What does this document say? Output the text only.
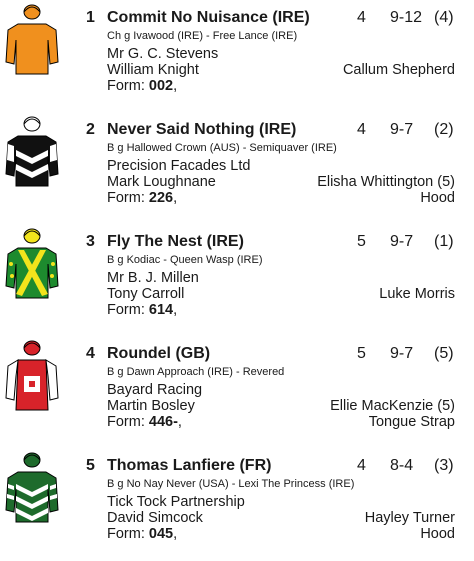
1 Commit No Nuisance (IRE)	4 9-12 (4)
Ch g Ivawood (IRE) - Free Lance (IRE)
Mr G. C. Stevens
William Knight	Callum Shepherd
Form: 002,
2 Never Said Nothing (IRE)	4 9-7 (2)
B g Hallowed Crown (AUS) - Semiquaver (IRE)
Precision Facades Ltd
Mark Loughnane	Elisha Whittington (5)
Form: 226,	Hood
3 Fly The Nest (IRE)	5 9-7 (1)
B g Kodiac - Queen Wasp (IRE)
Mr B. J. Millen
Tony Carroll	Luke Morris
Form: 614,
4 Roundel (GB)	5 9-7 (5)
B g Dawn Approach (IRE) - Revered
Bayard Racing
Martin Bosley	Ellie MacKenzie (5)
Form: 446-,	Tongue Strap
5 Thomas Lanfiere (FR)	4 8-4 (3)
B g No Nay Never (USA) - Lexi The Princess (IRE)
Tick Tock Partnership
David Simcock	Hayley Turner
Form: 045,	Hood
